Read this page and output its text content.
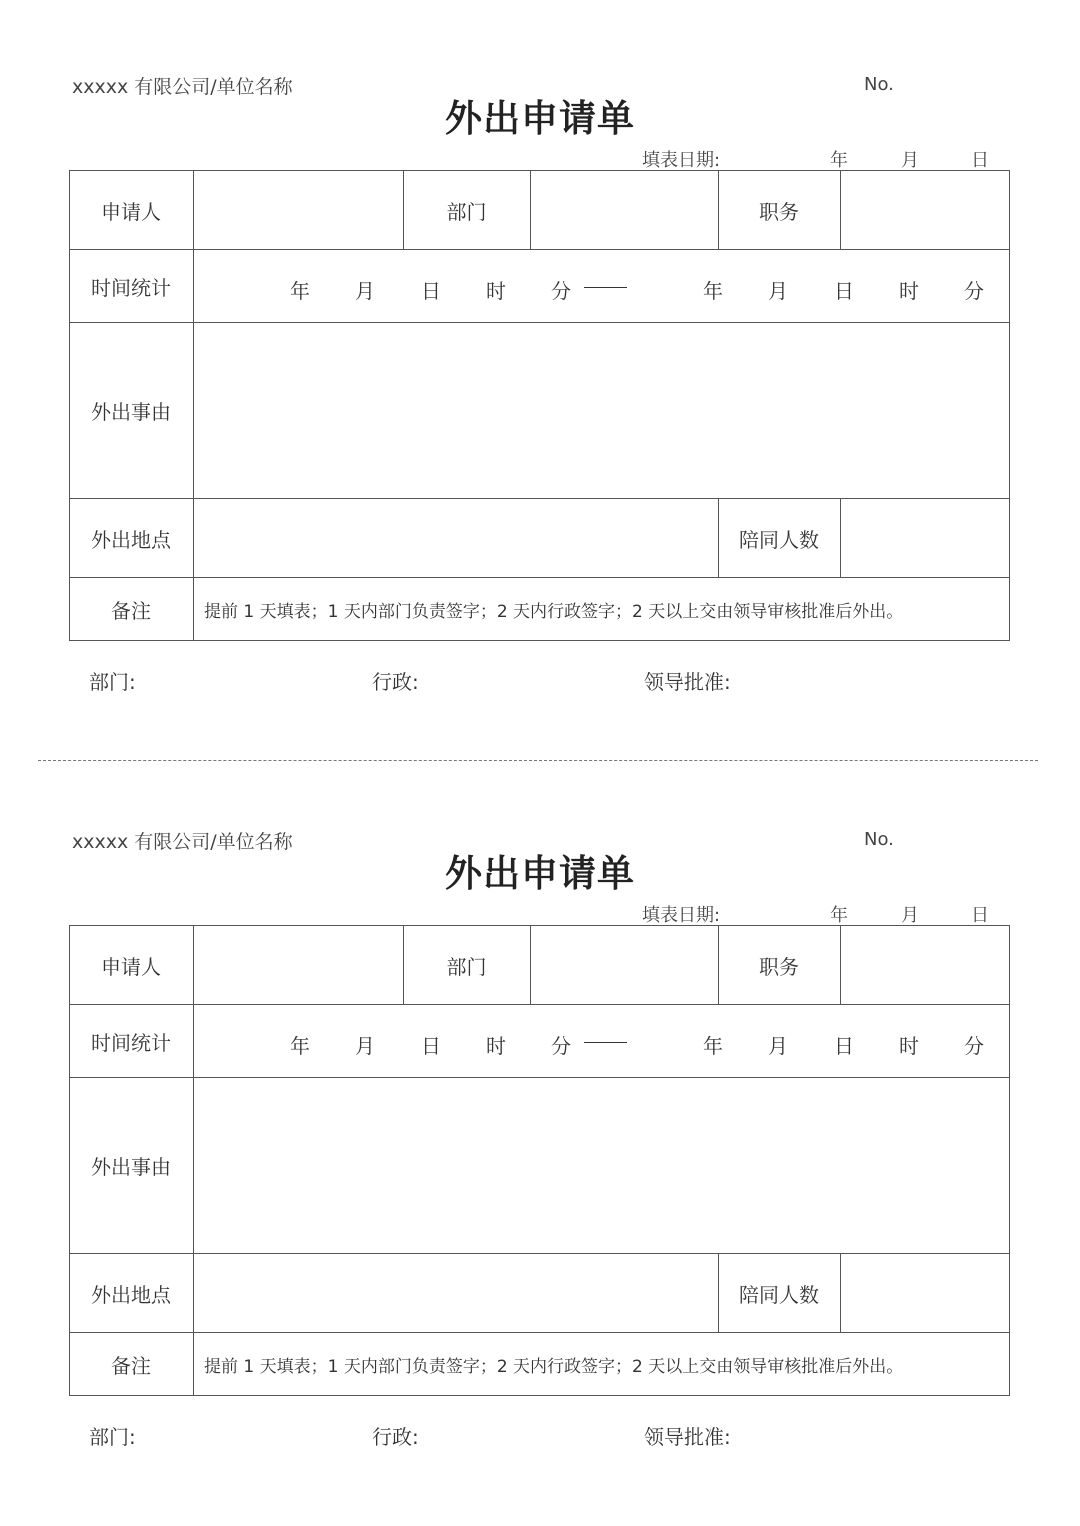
xxxxx 有限公司/单位名称	No.
外出申请单
填表日期:	年	月	日
申请人	部门	职务
时间统计	年 月 日 时 分	年 月 日 时 分
外出事由
外出地点	陪同人数
备注	提前 1 天填表；1 天内部门负责签字；2 天内行政签字；2 天以上交由领导审核批准后外出。
部门:	行政:	领导批准:
xxxxx 有限公司/单位名称	No.
外出申请单
填表日期:	年	月	日
申请人	部门	职务
时间统计	年 月 日 时 分	年 月 日 时 分
外出事由
外出地点	陪同人数
备注	提前 1 天填表；1 天内部门负责签字；2 天内行政签字；2 天以上交由领导审核批准后外出。
部门:	行政:	领导批准:
